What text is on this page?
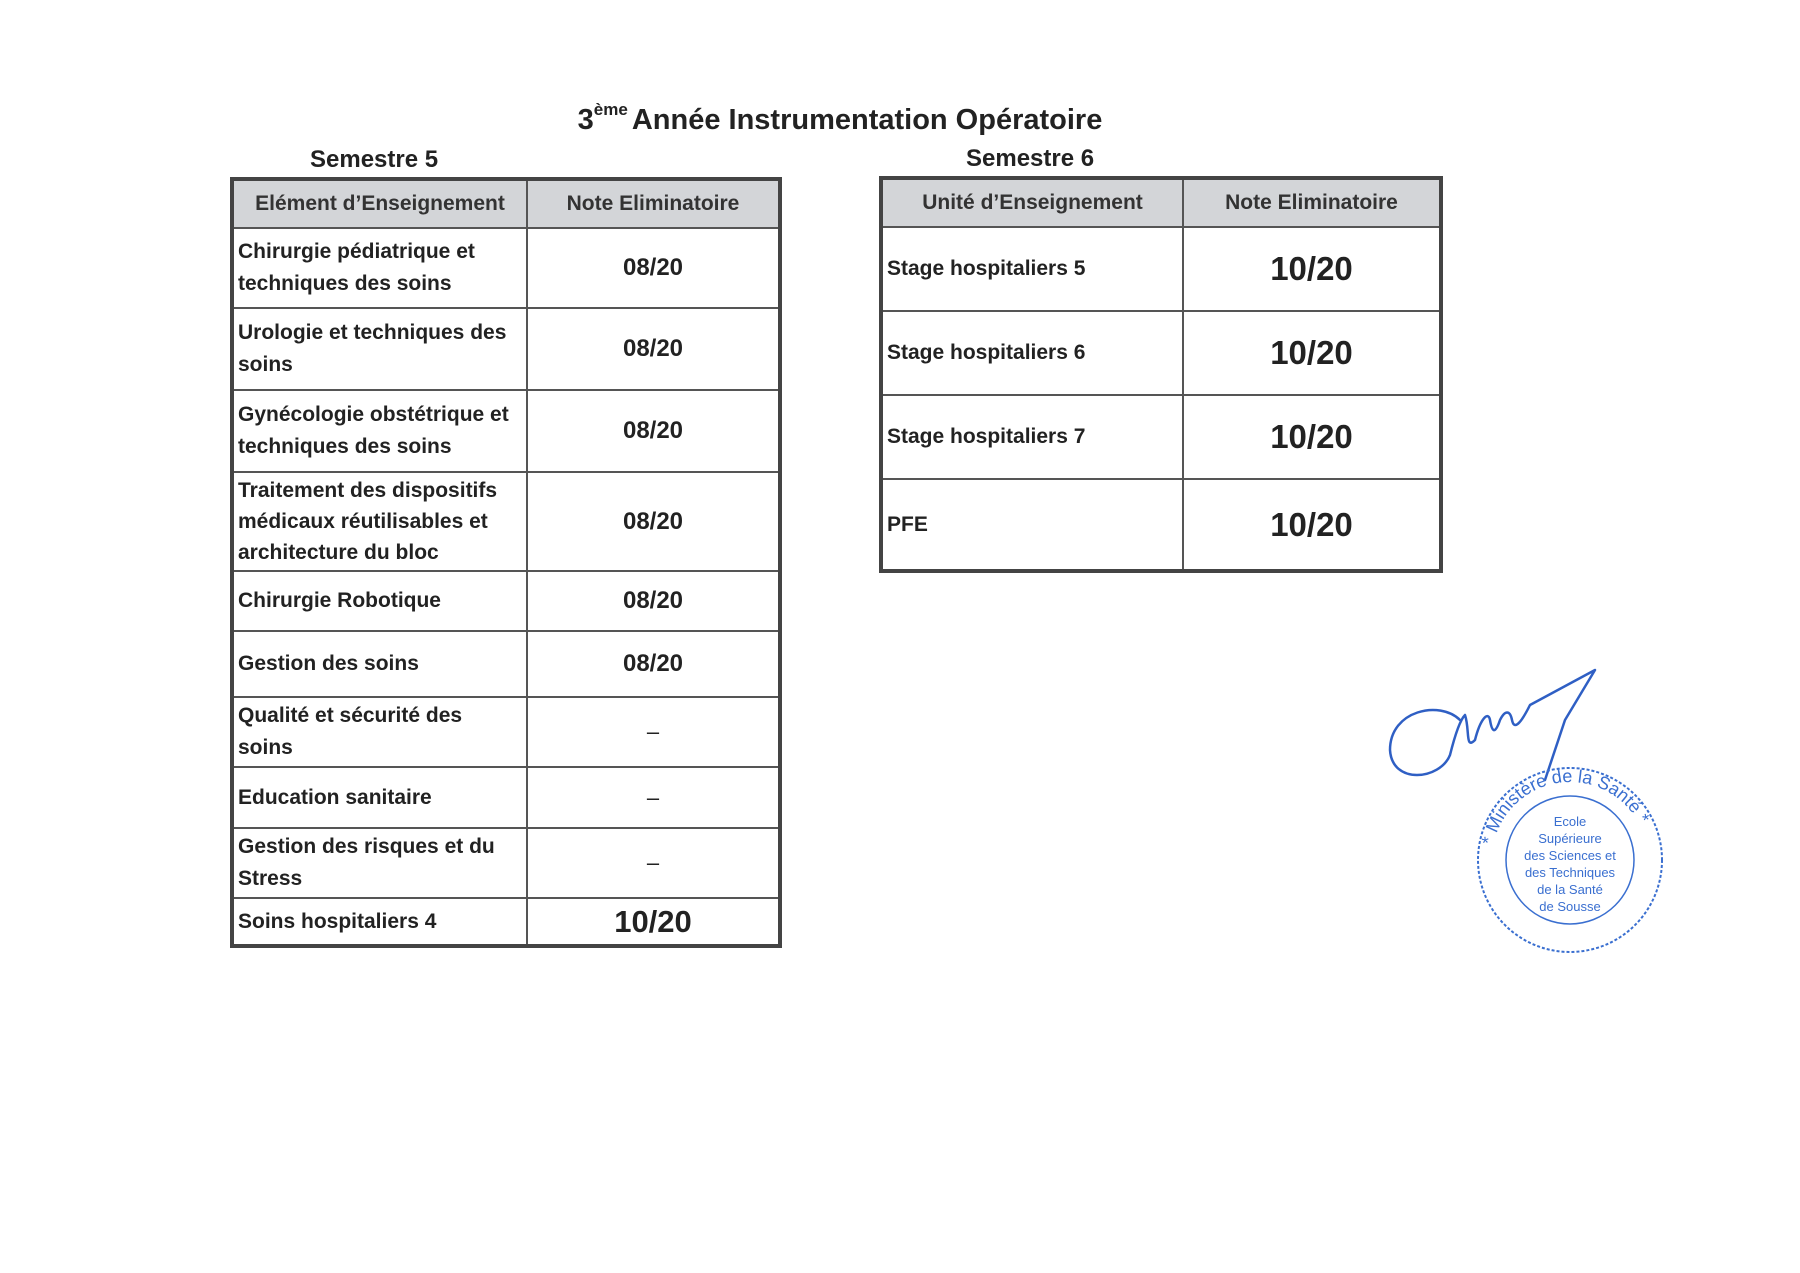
3ème Année Instrumentation Opératoire
Semestre 5	Semestre 6
Elément d’Enseignement	Note Eliminatoire
Chirurgie pédiatrique et techniques des soins	08/20
Urologie et techniques des soins	08/20
Gynécologie obstétrique et techniques des soins	08/20
Traitement des dispositifs médicaux réutilisables et architecture du bloc	08/20
Chirurgie Robotique	08/20
Gestion des soins	08/20
Qualité et sécurité des soins	–
Education sanitaire	–
Gestion des risques et du Stress	–
Soins hospitaliers 4	10/20
Unité d’Enseignement	Note Eliminatoire
Stage hospitaliers 5	10/20
Stage hospitaliers 6	10/20
Stage hospitaliers 7	10/20
PFE	10/20
* Ministère de la Santé *
Ecole
Supérieure
des Sciences et
des Techniques
de la Santé
de Sousse
